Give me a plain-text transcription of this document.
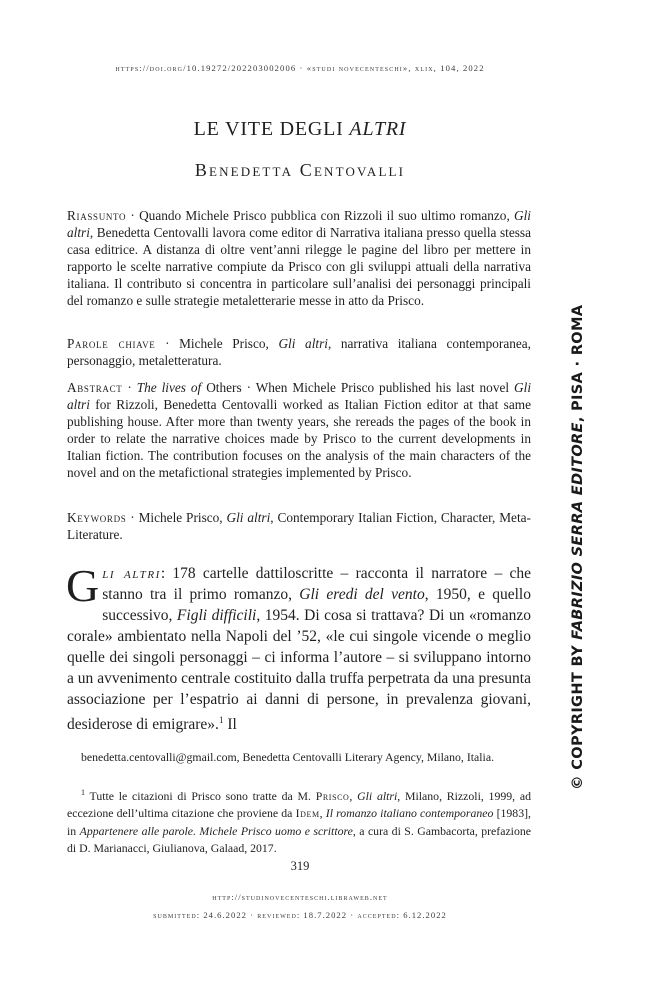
https://doi.org/10.19272/202203002006 · «studi novecenteschi», xlix, 104, 2022
LE VITE DEGLI ALTRI
Benedetta Centovalli
Riassunto · Quando Michele Prisco pubblica con Rizzoli il suo ultimo romanzo, Gli altri, Benedetta Centovalli lavora come editor di Narrativa italiana presso quella stessa casa editrice. A distanza di oltre vent’anni rilegge le pagine del libro per mettere in rapporto le scelte narrative compiute da Prisco con gli sviluppi attuali della narrativa italiana. Il contributo si concentra in particolare sull’analisi dei personaggi principali del romanzo e sulle strategie metaletterarie messe in atto da Prisco.
Parole chiave · Michele Prisco, Gli altri, narrativa italiana contemporanea, personaggio, metaletteratura.
Abstract · The lives of Others · When Michele Prisco published his last novel Gli altri for Rizzoli, Benedetta Centovalli worked as Italian Fiction editor at that same publishing house. After more than twenty years, she rereads the pages of the book in order to relate the narrative choices made by Prisco to the current developments in Italian fiction. The contribution focuses on the analysis of the main characters of the novel and on the metafictional strategies implemented by Prisco.
Keywords · Michele Prisco, Gli altri, Contemporary Italian Fiction, Character, Meta-Literature.
Gli altri: 178 cartelle dattiloscritte – racconta il narratore – che stanno tra il primo romanzo, Gli eredi del vento, 1950, e quello successivo, Figli difficili, 1954. Di cosa si trattava? Di un «romanzo corale» ambientato nella Napoli del ’52, «le cui singole vicende o meglio quelle dei singoli personaggi – ci informa l’autore – si sviluppano intorno a un avvenimento centrale costituito dalla truffa perpetrata da una presunta associazione per l’espatrio ai danni di persone, in prevalenza giovani, desiderose di emigrare».$^1$ Il
benedetta.centovalli@gmail.com, Benedetta Centovalli Literary Agency, Milano, Italia.
$^1$ Tutte le citazioni di Prisco sono tratte da M. Prisco, Gli altri, Milano, Rizzoli, 1999, ad eccezione dell’ultima citazione che proviene da Idem, Il romanzo italiano contemporaneo [1983], in Appartenere alle parole. Michele Prisco uomo e scrittore, a cura di S. Gambacorta, prefazione di D. Marianacci, Giulianova, Galaad, 2017.
319
http://studinovecenteschi.libraweb.net
submitted: 24.6.2022 · reviewed: 18.7.2022 · accepted: 6.12.2022
© COPYRIGHT BY FABRIZIO SERRA EDITORE, PISA · ROMA
